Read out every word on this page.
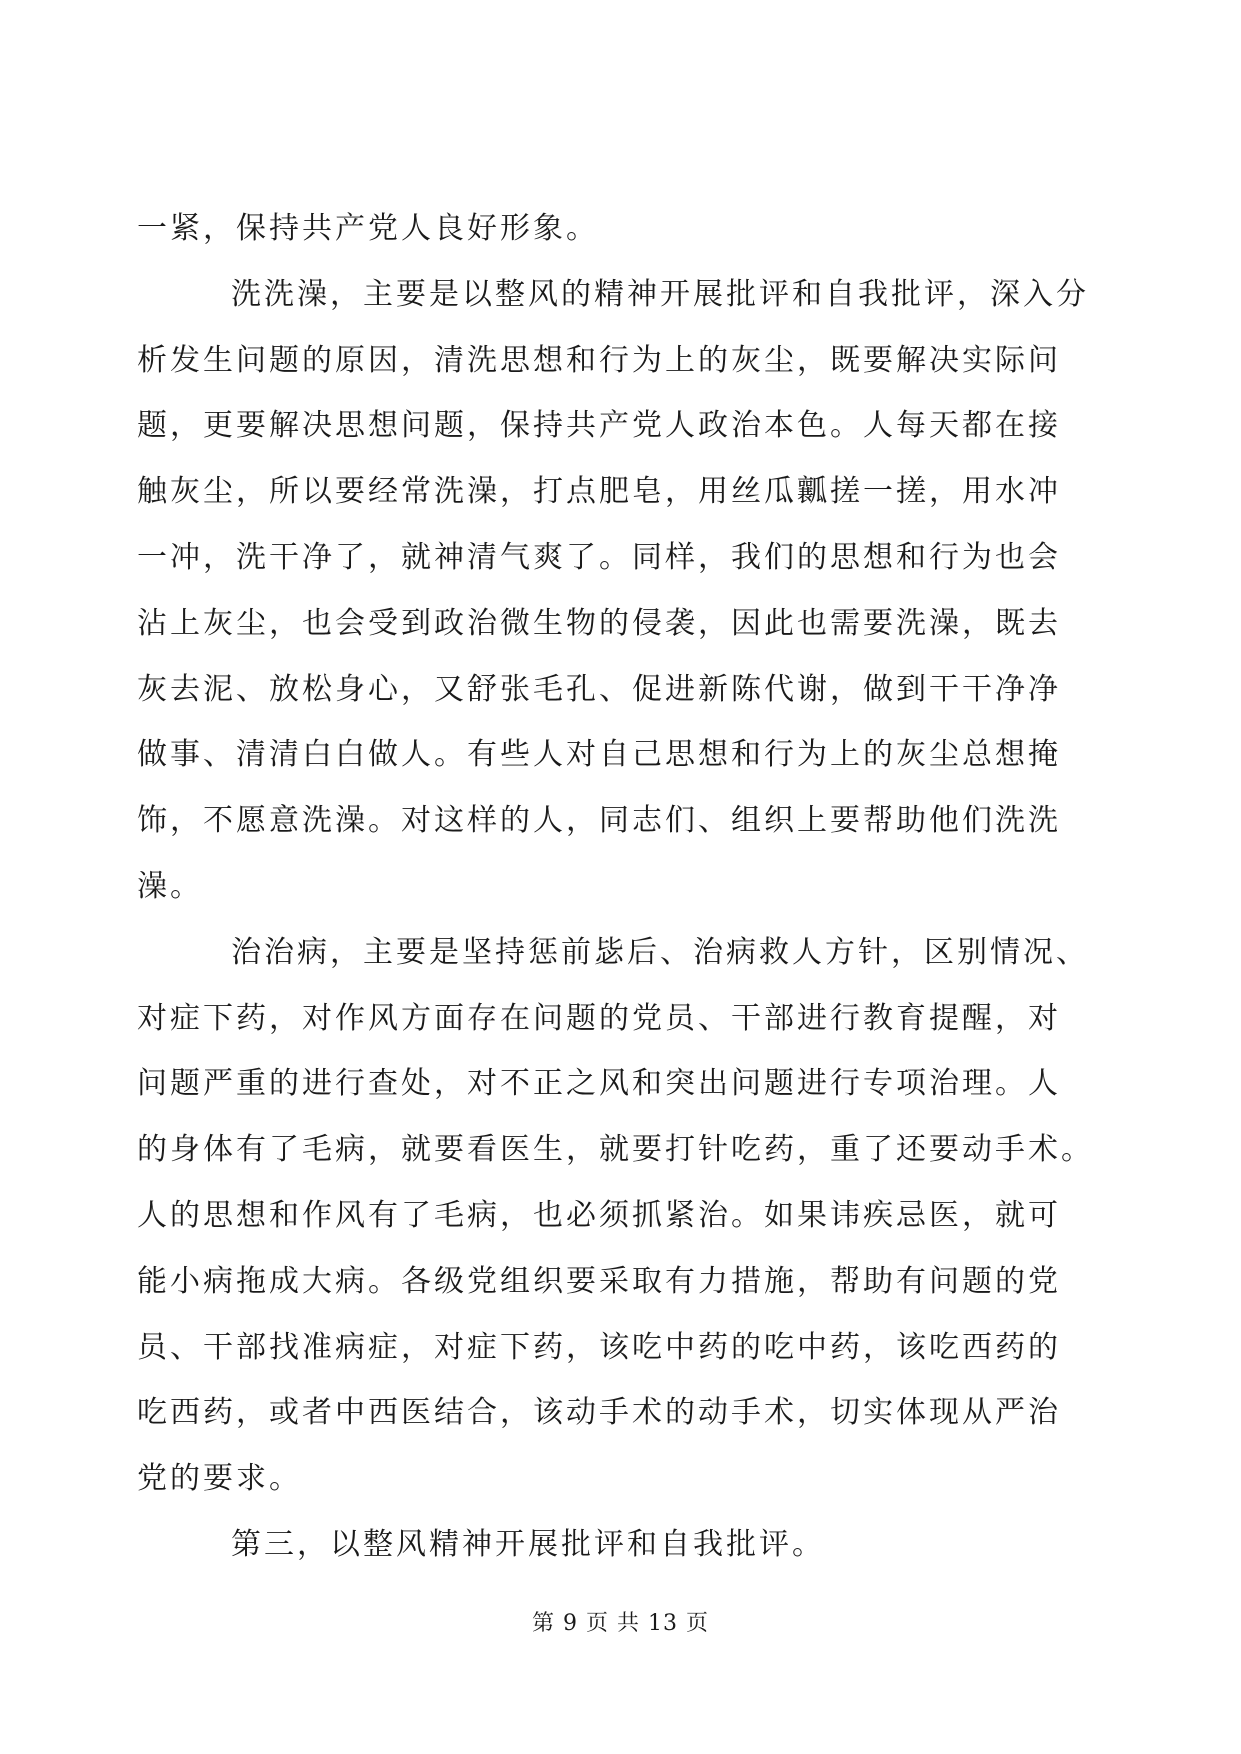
一紧，保持共产党人良好形象。
洗洗澡，主要是以整风的精神开展批评和自我批评，深入分
析发生问题的原因，清洗思想和行为上的灰尘，既要解决实际问
题，更要解决思想问题，保持共产党人政治本色。人每天都在接
触灰尘，所以要经常洗澡，打点肥皂，用丝瓜瓤搓一搓，用水冲
一冲，洗干净了，就神清气爽了。同样，我们的思想和行为也会
沾上灰尘，也会受到政治微生物的侵袭，因此也需要洗澡，既去
灰去泥、放松身心，又舒张毛孔、促进新陈代谢，做到干干净净
做事、清清白白做人。有些人对自己思想和行为上的灰尘总想掩
饰，不愿意洗澡。对这样的人，同志们、组织上要帮助他们洗洗
澡。
治治病，主要是坚持惩前毖后、治病救人方针，区别情况、
对症下药，对作风方面存在问题的党员、干部进行教育提醒，对
问题严重的进行查处，对不正之风和突出问题进行专项治理。人
的身体有了毛病，就要看医生，就要打针吃药，重了还要动手术。
人的思想和作风有了毛病，也必须抓紧治。如果讳疾忌医，就可
能小病拖成大病。各级党组织要采取有力措施，帮助有问题的党
员、干部找准病症，对症下药，该吃中药的吃中药，该吃西药的
吃西药，或者中西医结合，该动手术的动手术，切实体现从严治
党的要求。
第三，以整风精神开展批评和自我批评。
第 9 页 共 13 页
